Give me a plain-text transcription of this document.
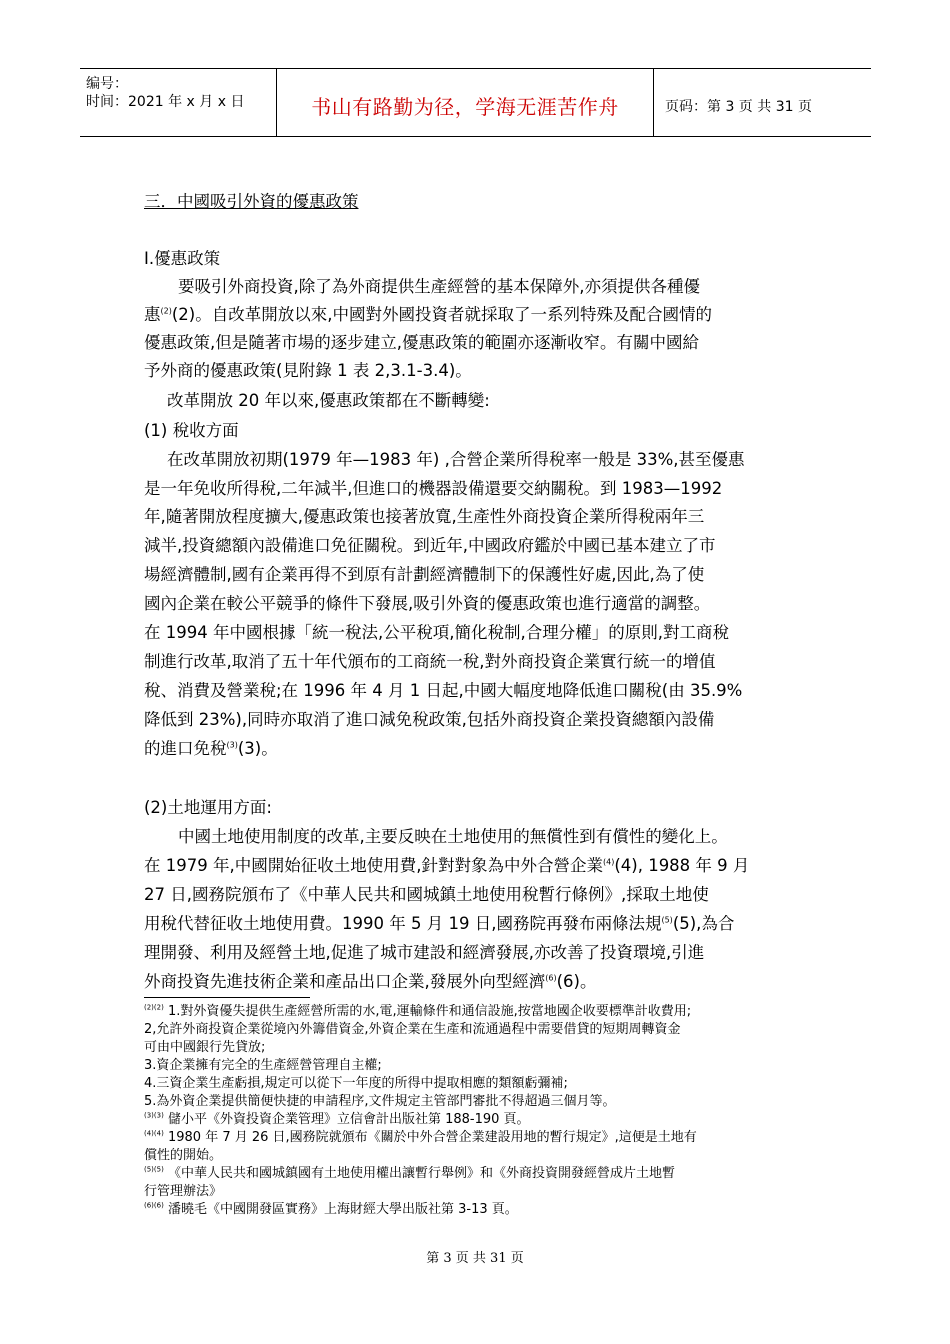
编号：
时间：2021 年 x 月 x 日	书山有路勤为径，学海无涯苦作舟	页码：第 3 页 共 31 页
三．中國吸引外資的優惠政策
I.優惠政策
要吸引外商投資,除了為外商提供生產經營的基本保障外,亦須提供各種優
惠$^{(2)}$(2)。自改革開放以來,中國對外國投資者就採取了一系列特殊及配合國情的
優惠政策,但是隨著市場的逐步建立,優惠政策的範圍亦逐漸收窄。有關中國給
予外商的優惠政策(見附錄 1 表 2,3.1-3.4)。
改革開放 20 年以來,優惠政策都在不斷轉變:
(1) 稅收方面
在改革開放初期(1979 年—1983 年) ,合營企業所得稅率一般是 33%,甚至優惠
是一年免收所得稅,二年減半,但進口的機器設備還要交納關稅。到 1983—1992
年,隨著開放程度擴大,優惠政策也接著放寬,生產性外商投資企業所得稅兩年三
減半,投資總額內設備進口免征關稅。到近年,中國政府鑑於中國已基本建立了市
場經濟體制,國有企業再得不到原有計劃經濟體制下的保護性好處,因此,為了使
國內企業在較公平競爭的條件下發展,吸引外資的優惠政策也進行適當的調整。
在 1994 年中國根據「統一稅法,公平稅項,簡化稅制,合理分權」的原則,對工商稅
制進行改革,取消了五十年代頒布的工商統一稅,對外商投資企業實行統一的增值
稅、消費及營業稅;在 1996 年 4 月 1 日起,中國大幅度地降低進口關稅(由 35.9%
降低到 23%),同時亦取消了進口減免稅政策,包括外商投資企業投資總額內設備
的進口免稅$^{(3)}$(3)。
(2)土地運用方面:
中國土地使用制度的改革,主要反映在土地使用的無償性到有償性的變化上。
在 1979 年,中國開始征收土地使用費,針對對象為中外合營企業$^{(4)}$(4), 1988 年 9 月
27 日,國務院頒布了《中華人民共和國城鎮土地使用稅暫行條例》,採取土地使
用稅代替征收土地使用費。1990 年 5 月 19 日,國務院再發布兩條法規$^{(5)}$(5),為合
理開發、利用及經營土地,促進了城市建設和經濟發展,亦改善了投資環境,引進
外商投資先進技術企業和產品出口企業,發展外向型經濟$^{(6)}$(6)。
$^{(2)(2)}$ 1.對外資優失提供生產經營所需的水,電,運輸條件和通信設施,按當地國企收要標準計收費用;
2,允許外商投資企業從境內外籌借資金,外資企業在生產和流通過程中需要借貸的短期周轉資金
可由中國銀行先貸放;
3.資企業擁有完全的生產經營管理自主權;
4.三資企業生產虧損,規定可以從下一年度的所得中提取相應的類額虧彌補;
5.為外資企業提供簡便快捷的申請程序,文件規定主管部門審批不得超過三個月等。
$^{(3)(3)}$ 儲小平《外資投資企業管理》立信會計出版社第 188-190 頁。
$^{(4)(4)}$ 1980 年 7 月 26 日,國務院就頒布《關於中外合營企業建設用地的暫行規定》,這便是土地有
償性的開始。
$^{(5)(5)}$ 《中華人民共和國城鎮國有土地使用權出讓暫行舉例》和《外商投資開發經營成片土地暫
行管理辦法》
$^{(6)(6)}$ 潘曉毛《中國開發區實務》上海財經大學出版社第 3-13 頁。
第 3 页 共 31 页
